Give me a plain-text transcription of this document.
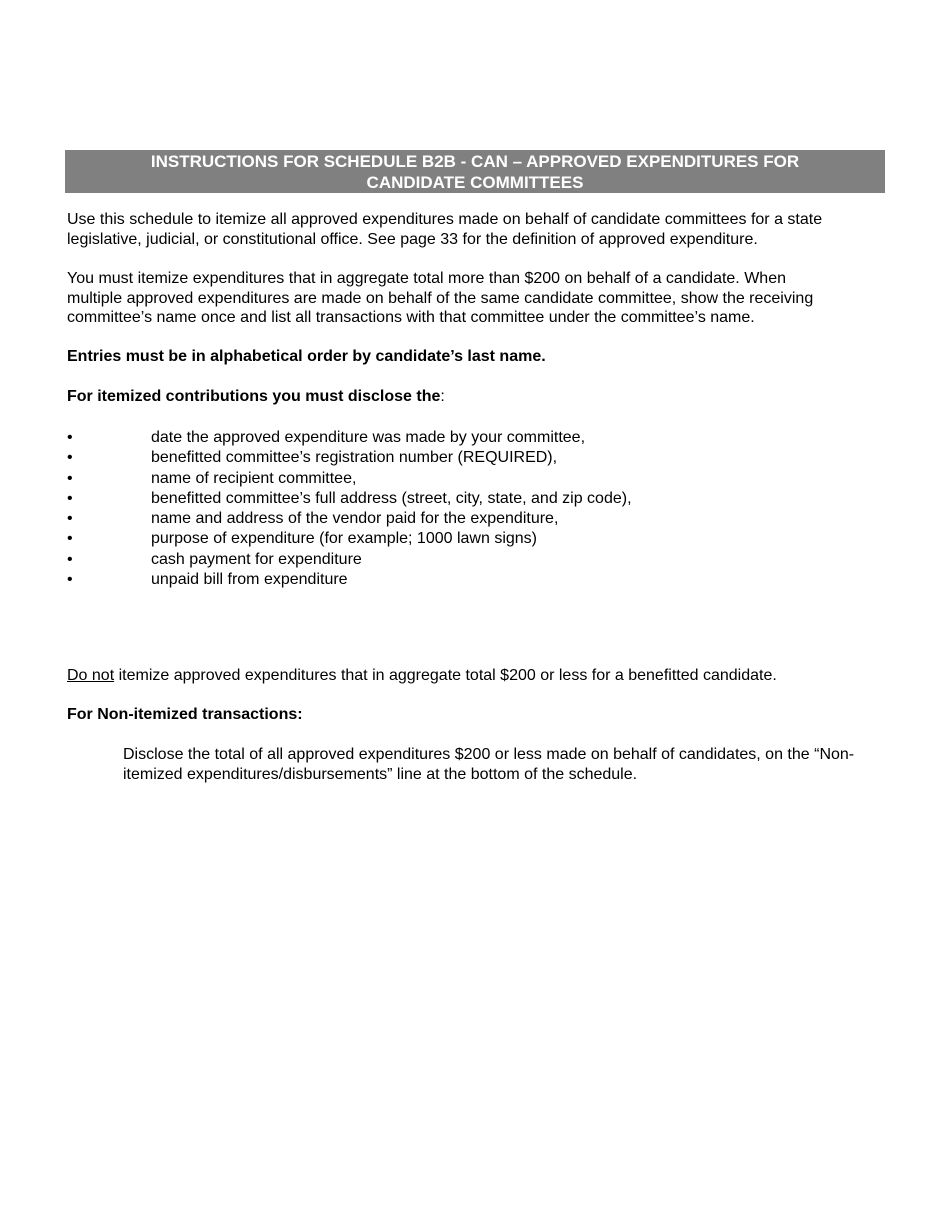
INSTRUCTIONS FOR SCHEDULE B2B - CAN – APPROVED EXPENDITURES FOR
CANDIDATE COMMITTEES

Use this schedule to itemize all approved expenditures made on behalf of candidate committees for a state
legislative, judicial, or constitutional office. See page 33 for the definition of approved expenditure.

You must itemize expenditures that in aggregate total more than $200 on behalf of a candidate. When
multiple approved expenditures are made on behalf of the same candidate committee, show the receiving
committee’s name once and list all transactions with that committee under the committee’s name.

Entries must be in alphabetical order by candidate’s last name.

For itemized contributions you must disclose the:

•	date the approved expenditure was made by your committee,
•	benefitted committee’s registration number (REQUIRED),
•	name of recipient committee,
•	benefitted committee’s full address (street, city, state, and zip code),
•	name and address of the vendor paid for the expenditure,
•	purpose of expenditure (for example; 1000 lawn signs)
•	cash payment for expenditure
•	unpaid bill from expenditure

Do not itemize approved expenditures that in aggregate total $200 or less for a benefitted candidate.

For Non-itemized transactions:

Disclose the total of all approved expenditures $200 or less made on behalf of candidates, on the “Non-
itemized expenditures/disbursements” line at the bottom of the schedule.
